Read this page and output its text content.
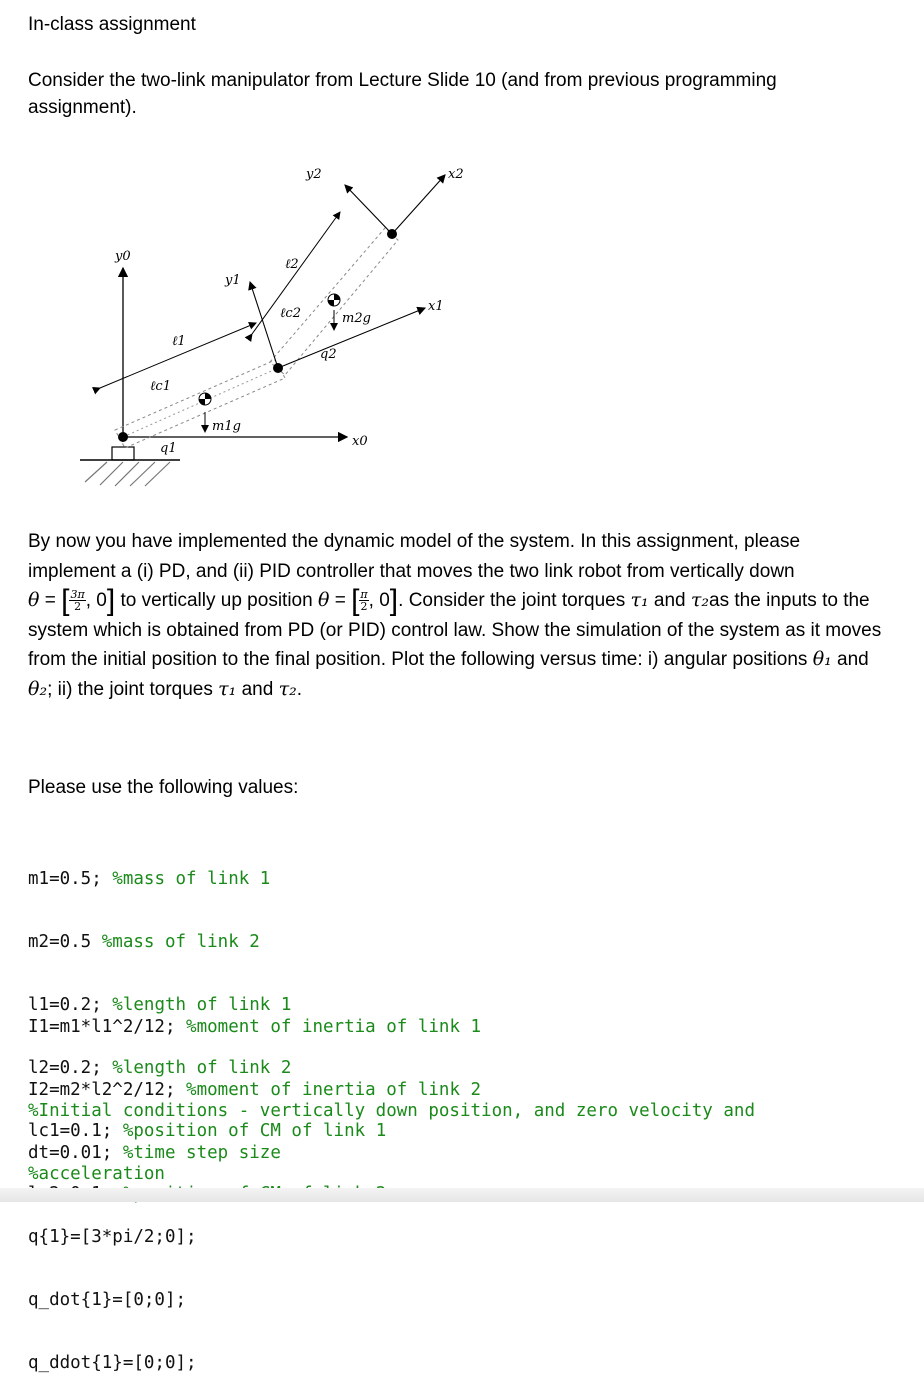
In-class assignment
Consider the two-link manipulator from Lecture Slide 10 (and from previous programming assignment).
y0
x0
y1
x1
y2	x2
ℓ1
ℓc1
ℓ2
ℓc2
q1
q2
m1g
m2g
By now you have implemented the dynamic model of the system. In this assignment, please implement a (i) PD, and (ii) PID controller that moves the two link robot from vertically down
θ = [ $\frac{3\pi}{2}$ , 0] to vertically up position θ = [ $\frac{\pi}{2}$ , 0]. Consider the joint torques τ₁ and τ₂as the inputs to the system which is obtained from PD (or PID) control law. Show the simulation of the system as it moves from the initial position to the final position. Plot the following versus time: i) angular positions θ₁ and θ₂; ii) the joint torques τ₁ and τ₂.
Please use the following values:

m1=0.5; %mass of link 1

m2=0.5 %mass of link 2

l1=0.2; %length of link 1

l2=0.2; %length of link 2

lc1=0.1; %position of CM of link 1

I1=m1*l1^2/12; %moment of inertia of link 1

I2=m2*l2^2/12; %moment of inertia of link 2

dt=0.01; %time step size

%Initial conditions - vertically down position, and zero velocity and

%acceleration

q{1}=[3*pi/2;0];

q_dot{1}=[0;0];

q_ddot{1}=[0;0];
